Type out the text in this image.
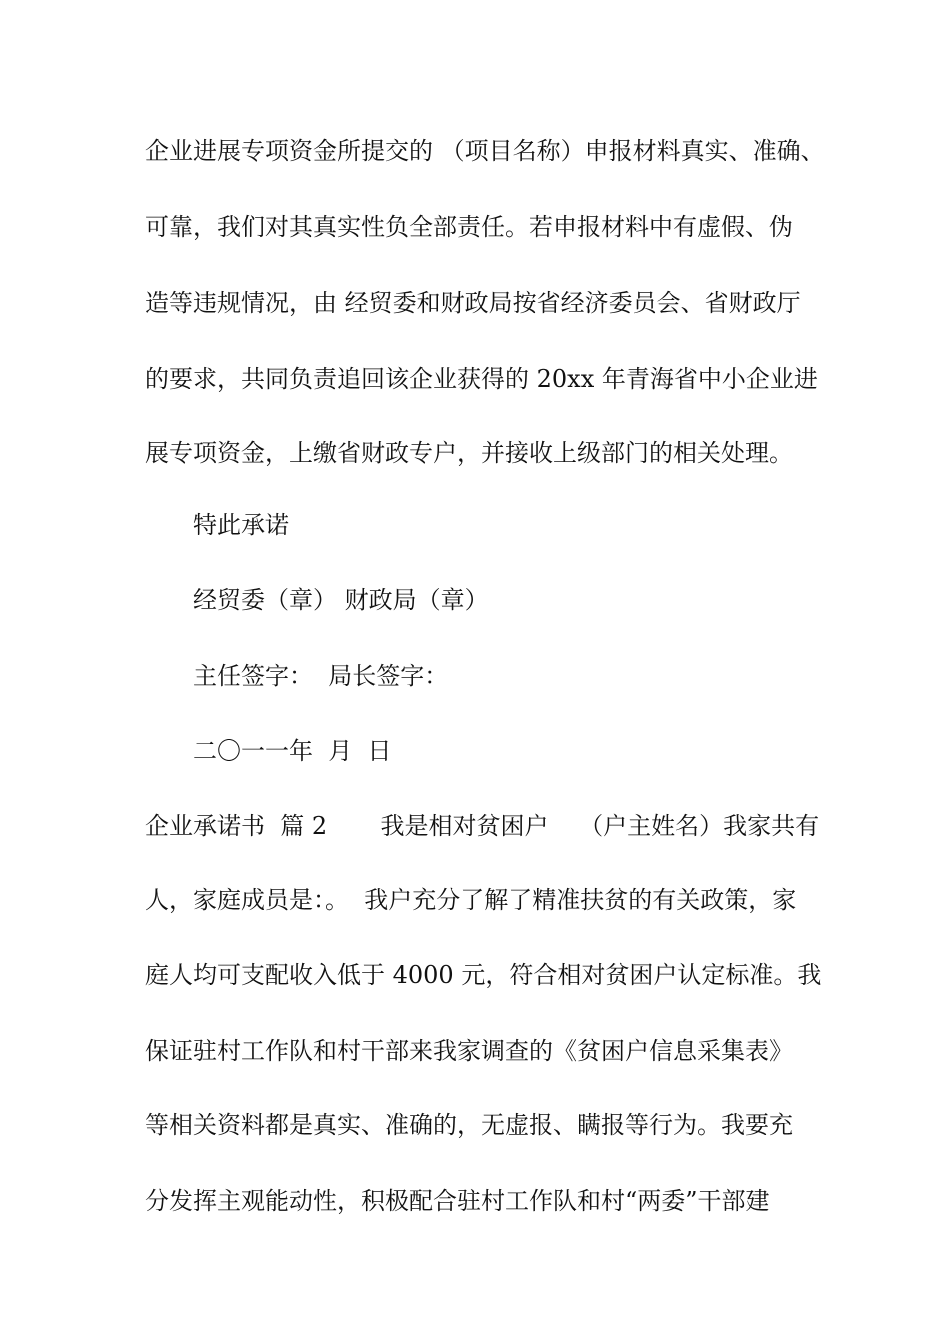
企业进展专项资金所提交的 （项目名称）申报材料真实、准确、
可靠，我们对其真实性负全部责任。若申报材料中有虚假、伪
造等违规情况，由 经贸委和财政局按省经济委员会、省财政厅
的要求，共同负责追回该企业获得的 20xx 年青海省中小企业进
展专项资金，上缴省财政专户，并接收上级部门的相关处理。
特此承诺
经贸委（章） 财政局（章）
主任签字：  局长签字：
二〇一一年  月  日
企业承诺书  篇 2       我是相对贫困户    （户主姓名）我家共有
人，家庭成员是：。  我户充分了解了精准扶贫的有关政策，家
庭人均可支配收入低于 4000 元，符合相对贫困户认定标准。我
保证驻村工作队和村干部来我家调查的《贫困户信息采集表》
等相关资料都是真实、准确的，无虚报、瞒报等行为。我要充
分发挥主观能动性，积极配合驻村工作队和村“两委”干部建
